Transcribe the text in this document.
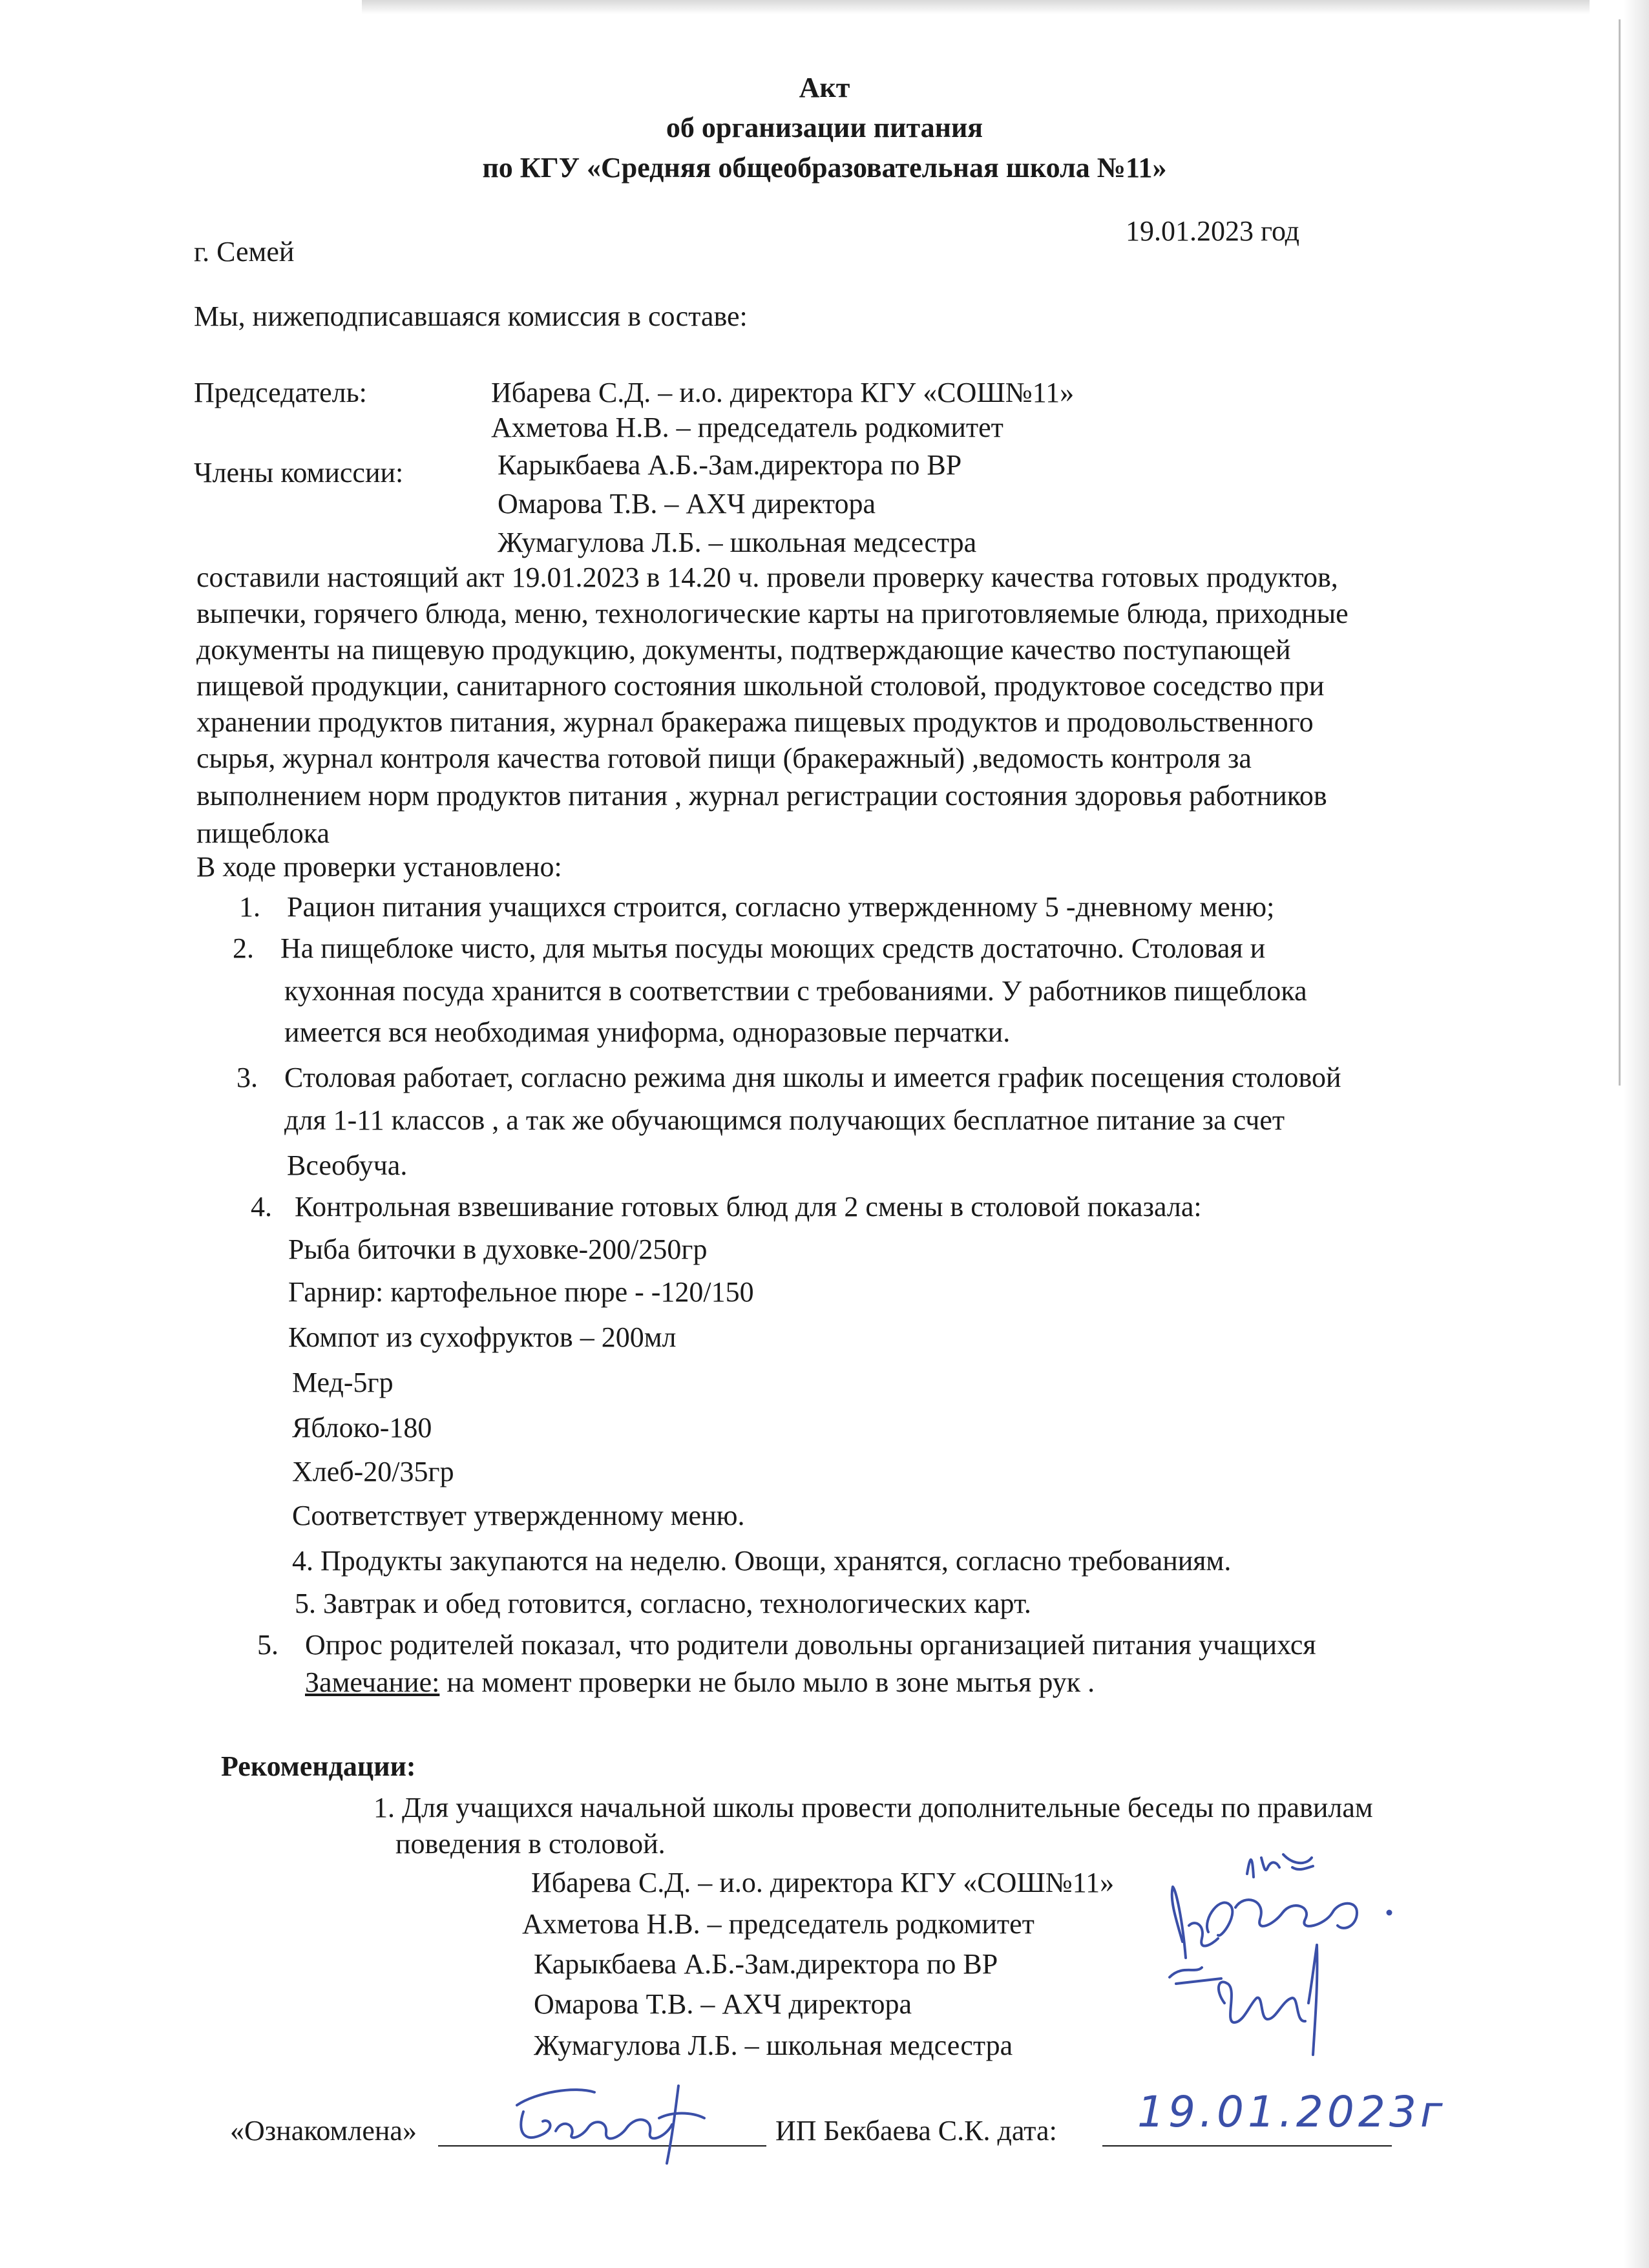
Акт
об организации питания
по КГУ «Средняя общеобразовательная школа №11»
19.01.2023 год
г. Семей
Мы, нижеподписавшаяся комиссия в составе:
Председатель:	Ибарева С.Д. – и.о. директора КГУ «СОШ№11»
Ахметова Н.В. – председатель родкомитет
Члены комиссии:	Карыкбаева А.Б.-Зам.директора по ВР
Омарова Т.В. – АХЧ директора
Жумагулова Л.Б. – школьная медсестра
составили настоящий акт 19.01.2023 в 14.20 ч. провели проверку качества готовых продуктов,
выпечки, горячего блюда, меню, технологические карты на приготовляемые блюда, приходные
документы на пищевую продукцию, документы, подтверждающие качество поступающей
пищевой продукции, санитарного состояния школьной столовой, продуктовое соседство при
хранении продуктов питания, журнал бракеража пищевых продуктов и продовольственного
сырья, журнал контроля качества готовой пищи (бракеражный) ,ведомость контроля за
выполнением норм продуктов питания , журнал регистрации состояния здоровья работников
пищеблока
В ходе проверки установлено:
1. Рацион питания учащихся строится, согласно утвержденному 5 -дневному меню;
2. На пищеблоке чисто, для мытья посуды моющих средств достаточно. Столовая и
кухонная посуда хранится в соответствии с требованиями. У работников пищеблока
имеется вся необходимая униформа, одноразовые перчатки.
3. Столовая работает, согласно режима дня школы и имеется график посещения столовой
для 1-11 классов , а так же обучающимся получающих бесплатное питание за счет
Всеобуча.
4. Контрольная взвешивание готовых блюд для 2 смены в столовой показала:
Рыба биточки в духовке-200/250гр
Гарнир: картофельное пюре - -120/150
Компот из сухофруктов – 200мл
Мед-5гр
Яблоко-180
Хлеб-20/35гр
Соответствует утвержденному меню.
4. Продукты закупаются на неделю. Овощи, хранятся, согласно требованиям.
5. Завтрак и обед готовится, согласно, технологических карт.
5. Опрос родителей показал, что родители довольны организацией питания учащихся
Замечание: на момент проверки не было мыло в зоне мытья рук .
Рекомендации:
1. Для учащихся начальной школы провести дополнительные беседы по правилам
поведения в столовой.
Ибарева С.Д. – и.о. директора КГУ «СОШ№11»
Ахметова Н.В. – председатель родкомитет
Карыкбаева А.Б.-Зам.директора по ВР
Омарова Т.В. – АХЧ директора
Жумагулова Л.Б. – школьная медсестра
«Ознакомлена»	ИП Бекбаева С.К. дата: 19.01.2023г
